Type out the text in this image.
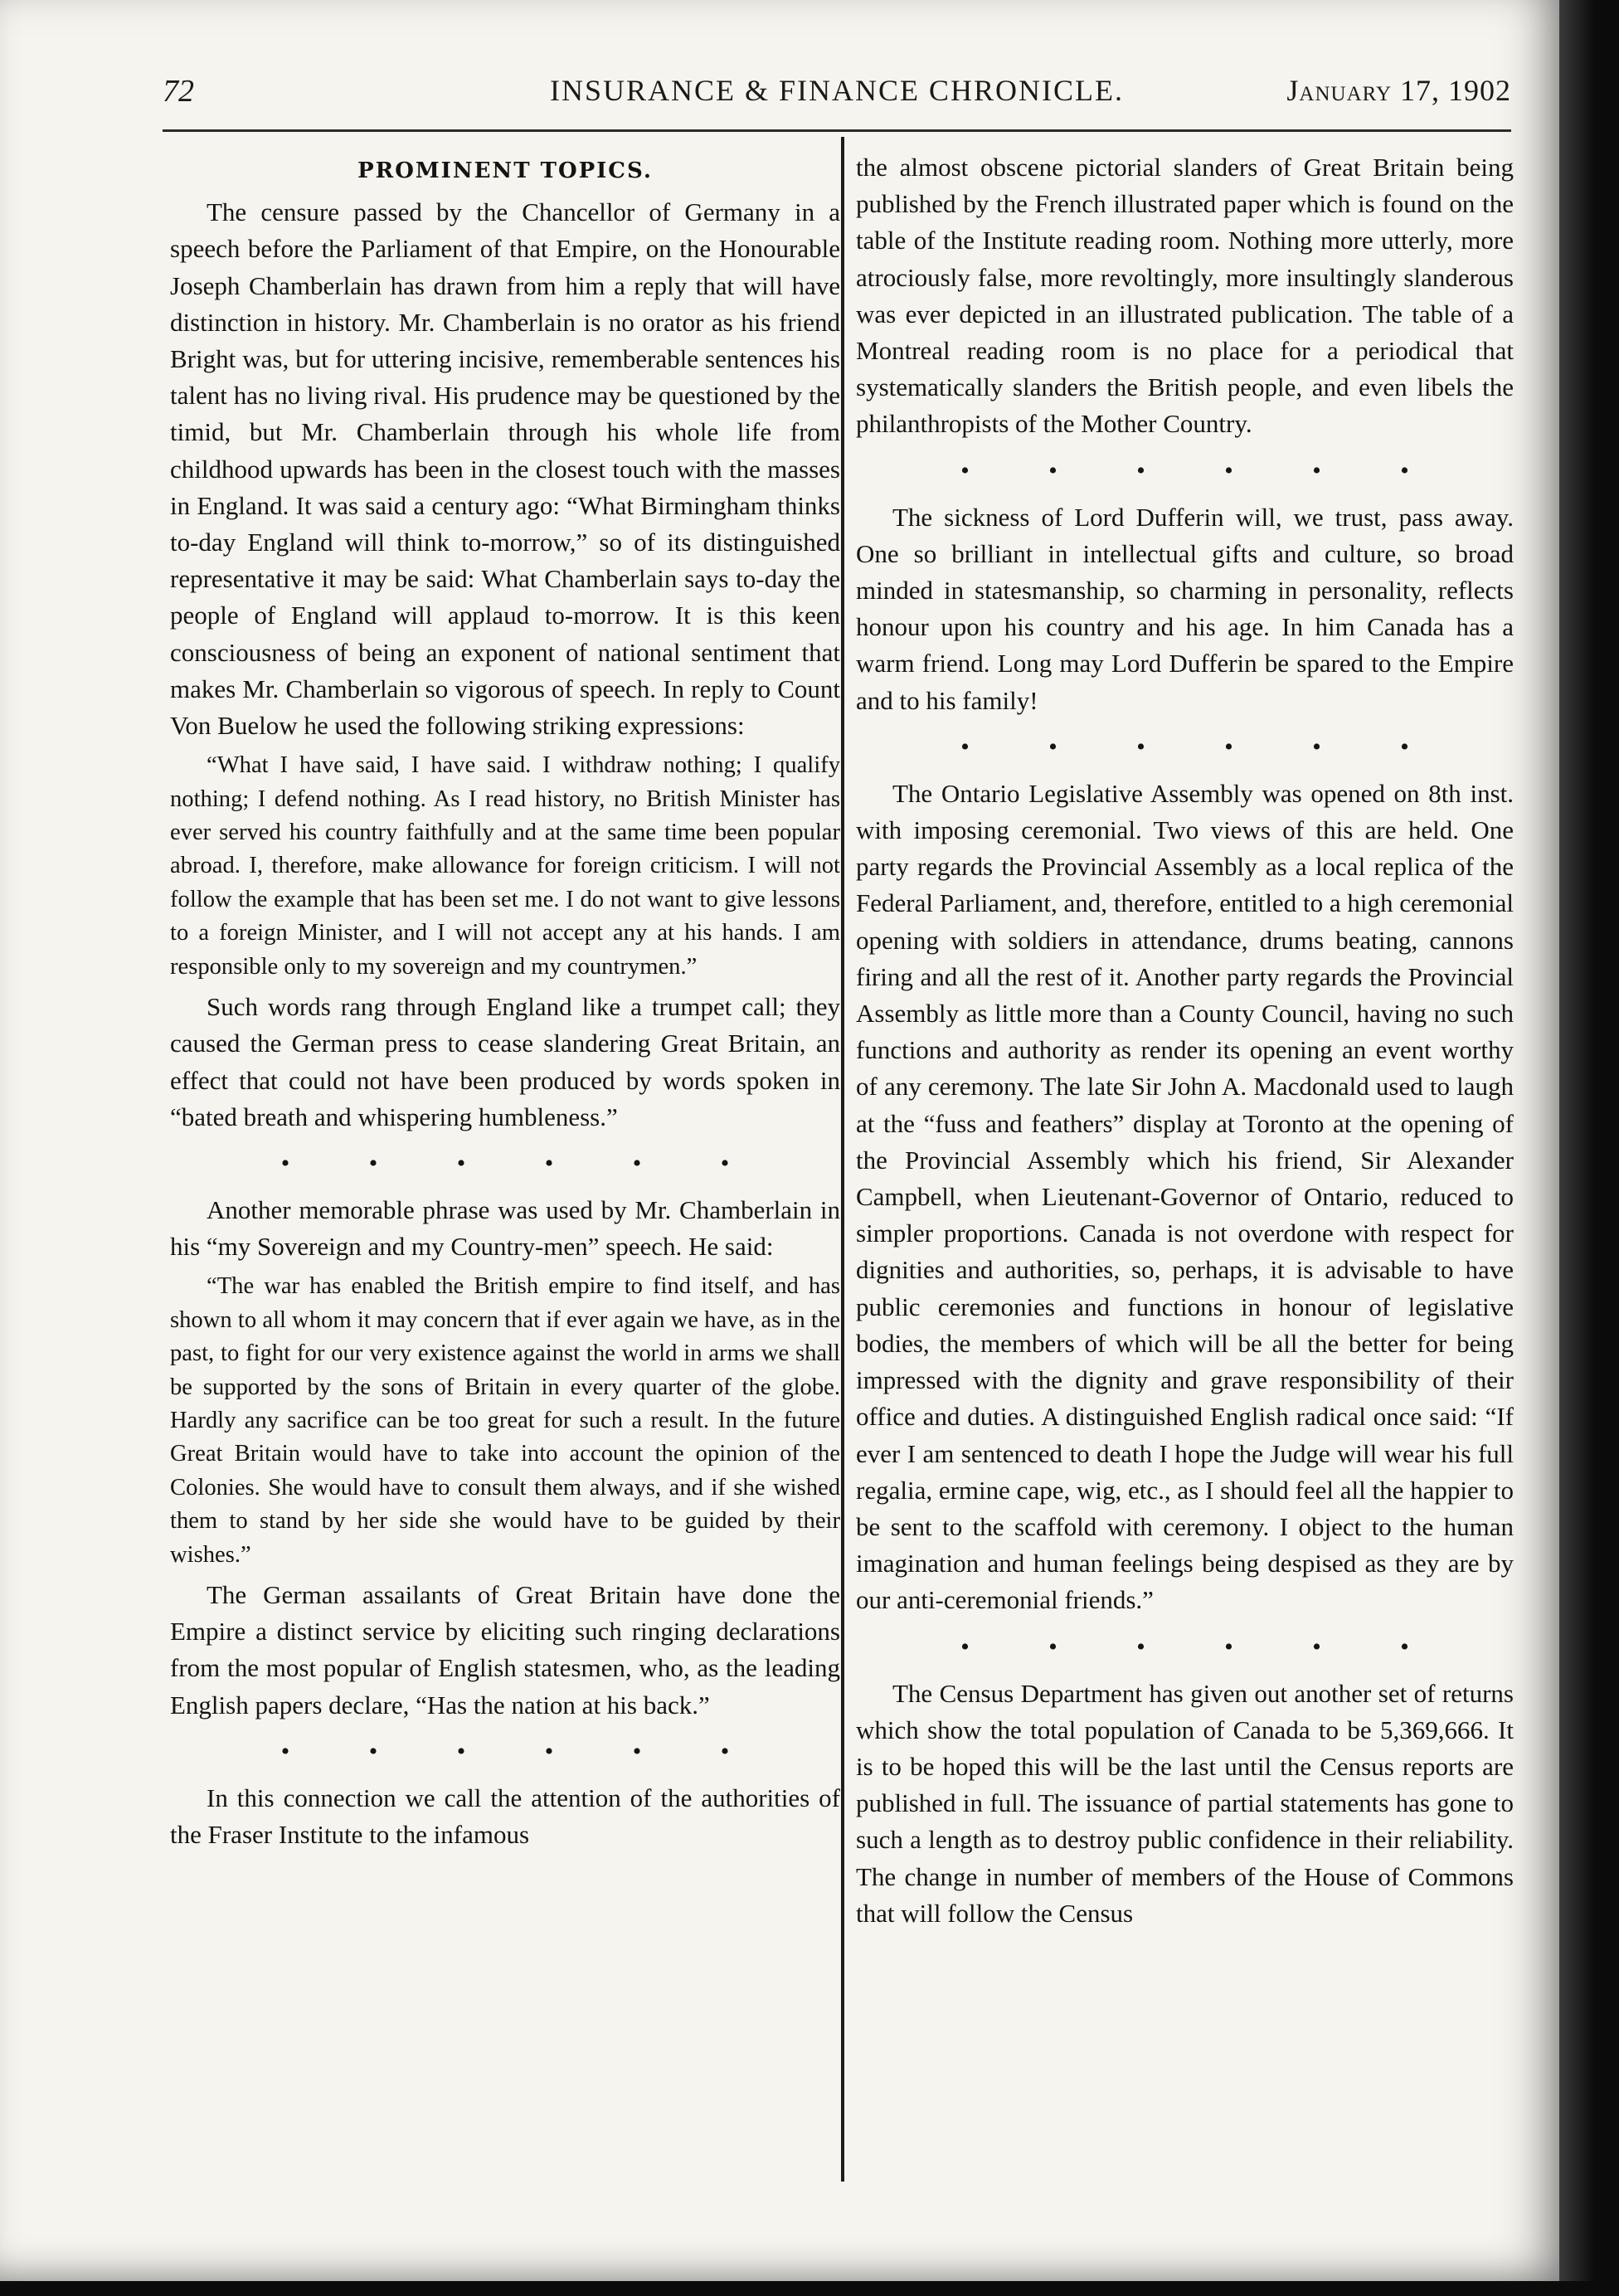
72	INSURANCE & FINANCE CHRONICLE.	January 17, 1902
PROMINENT TOPICS.

The censure passed by the Chancellor of Germany in a speech before the Parliament of that Empire, on the Honourable Joseph Chamberlain has drawn from him a reply that will have distinction in history. Mr. Chamberlain is no orator as his friend Bright was, but for uttering incisive, rememberable sentences his talent has no living rival. His prudence may be questioned by the timid, but Mr. Chamberlain through his whole life from childhood upwards has been in the closest touch with the masses in England. It was said a century ago: “What Birmingham thinks to-day England will think to-morrow,” so of its distinguished representative it may be said: What Chamberlain says to-day the people of England will applaud to-morrow. It is this keen consciousness of being an exponent of national sentiment that makes Mr. Chamberlain so vigorous of speech. In reply to Count Von Buelow he used the following striking expressions:

“What I have said, I have said. I withdraw nothing; I qualify nothing; I defend nothing. As I read history, no British Minister has ever served his country faithfully and at the same time been popular abroad. I, therefore, make allowance for foreign criticism. I will not follow the example that has been set me. I do not want to give lessons to a foreign Minister, and I will not accept any at his hands. I am responsible only to my sovereign and my countrymen.”

Such words rang through England like a trumpet call; they caused the German press to cease slandering Great Britain, an effect that could not have been produced by words spoken in “bated breath and whispering humbleness.”

• • • • • •

Another memorable phrase was used by Mr. Chamberlain in his “my Sovereign and my Country-men” speech. He said:

“The war has enabled the British empire to find itself, and has shown to all whom it may concern that if ever again we have, as in the past, to fight for our very existence against the world in arms we shall be supported by the sons of Britain in every quarter of the globe. Hardly any sacrifice can be too great for such a result. In the future Great Britain would have to take into account the opinion of the Colonies. She would have to consult them always, and if she wished them to stand by her side she would have to be guided by their wishes.”

The German assailants of Great Britain have done the Empire a distinct service by eliciting such ringing declarations from the most popular of English statesmen, who, as the leading English papers declare, “Has the nation at his back.”

• • • • • •

In this connection we call the attention of the authorities of the Fraser Institute to the infamous

the almost obscene pictorial slanders of Great Britain being published by the French illustrated paper which is found on the table of the Institute reading room. Nothing more utterly, more atrociously false, more revoltingly, more insultingly slanderous was ever depicted in an illustrated publication. The table of a Montreal reading room is no place for a periodical that systematically slanders the British people, and even libels the philanthropists of the Mother Country.

• • • • • •

The sickness of Lord Dufferin will, we trust, pass away. One so brilliant in intellectual gifts and culture, so broad minded in statesmanship, so charming in personality, reflects honour upon his country and his age. In him Canada has a warm friend. Long may Lord Dufferin be spared to the Empire and to his family!

• • • • • •

The Ontario Legislative Assembly was opened on 8th inst. with imposing ceremonial. Two views of this are held. One party regards the Provincial Assembly as a local replica of the Federal Parliament, and, therefore, entitled to a high ceremonial opening with soldiers in attendance, drums beating, cannons firing and all the rest of it. Another party regards the Provincial Assembly as little more than a County Council, having no such functions and authority as render its opening an event worthy of any ceremony. The late Sir John A. Macdonald used to laugh at the “fuss and feathers” display at Toronto at the opening of the Provincial Assembly which his friend, Sir Alexander Campbell, when Lieutenant-Governor of Ontario, reduced to simpler proportions. Canada is not overdone with respect for dignities and authorities, so, perhaps, it is advisable to have public ceremonies and functions in honour of legislative bodies, the members of which will be all the better for being impressed with the dignity and grave responsibility of their office and duties. A distinguished English radical once said: “If ever I am sentenced to death I hope the Judge will wear his full regalia, ermine cape, wig, etc., as I should feel all the happier to be sent to the scaffold with ceremony. I object to the human imagination and human feelings being despised as they are by our anti-ceremonial friends.”

• • • • • •

The Census Department has given out another set of returns which show the total population of Canada to be 5,369,666. It is to be hoped this will be the last until the Census reports are published in full. The issuance of partial statements has gone to such a length as to destroy public confidence in their reliability. The change in number of members of the House of Commons that will follow the Census
